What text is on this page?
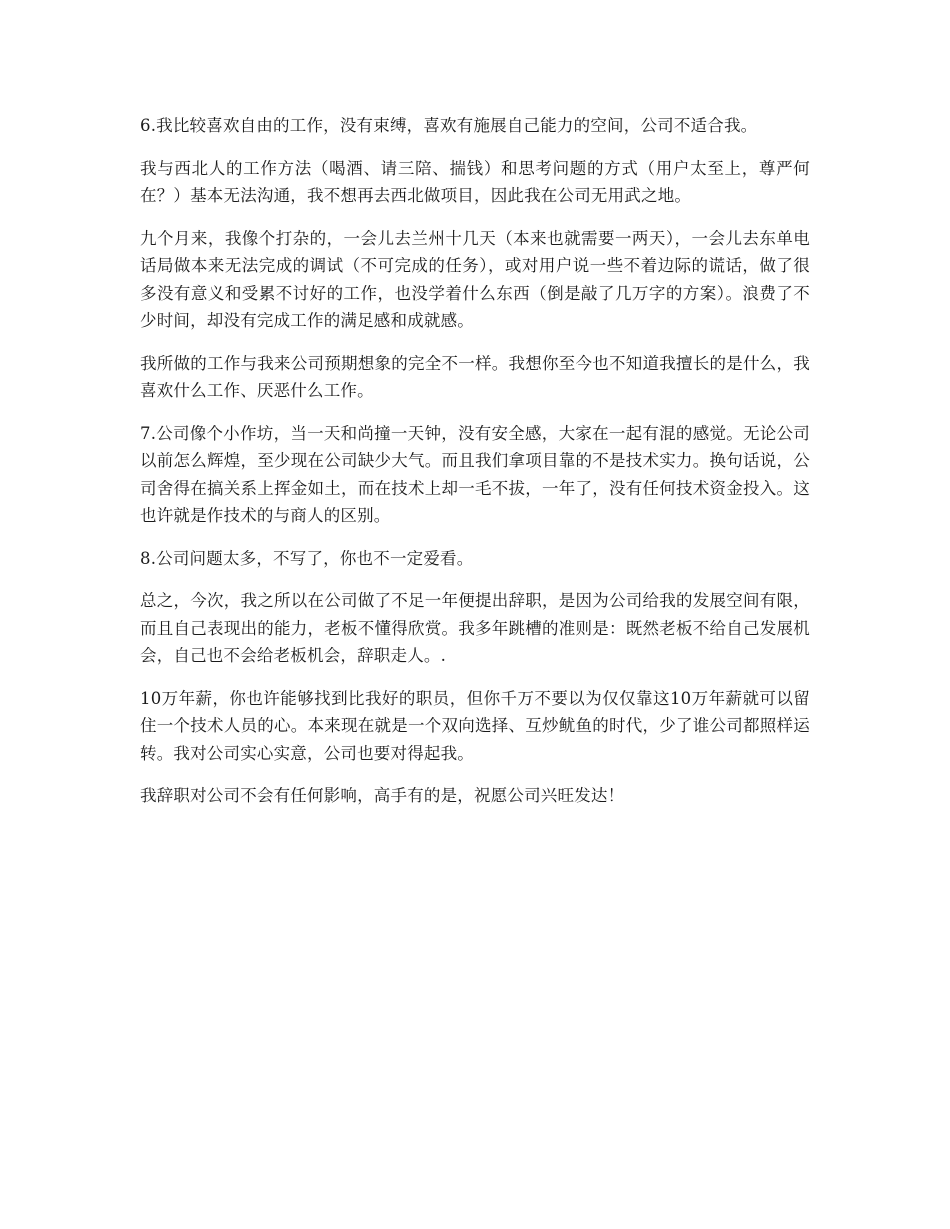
6.我比较喜欢自由的工作，没有束缚，喜欢有施展自己能力的空间，公司不适合我。

我与西北人的工作方法（喝酒、请三陪、揣钱）和思考问题的方式（用户太至上，尊严何在？）基本无法沟通，我不想再去西北做项目，因此我在公司无用武之地。

九个月来，我像个打杂的，一会儿去兰州十几天（本来也就需要一两天），一会儿去东单电话局做本来无法完成的调试（不可完成的任务），或对用户说一些不着边际的谎话，做了很多没有意义和受累不讨好的工作，也没学着什么东西（倒是敲了几万字的方案）。浪费了不少时间，却没有完成工作的满足感和成就感。

我所做的工作与我来公司预期想象的完全不一样。我想你至今也不知道我擅长的是什么，我喜欢什么工作、厌恶什么工作。

7.公司像个小作坊，当一天和尚撞一天钟，没有安全感，大家在一起有混的感觉。无论公司以前怎么辉煌，至少现在公司缺少大气。而且我们拿项目靠的不是技术实力。换句话说，公司舍得在搞关系上挥金如土，而在技术上却一毛不拔，一年了，没有任何技术资金投入。这也许就是作技术的与商人的区别。

8.公司问题太多，不写了，你也不一定爱看。

总之，今次，我之所以在公司做了不足一年便提出辞职，是因为公司给我的发展空间有限，而且自己表现出的能力，老板不懂得欣赏。我多年跳槽的准则是：既然老板不给自己发展机会，自己也不会给老板机会，辞职走人。.

10万年薪，你也许能够找到比我好的职员，但你千万不要以为仅仅靠这10万年薪就可以留住一个技术人员的心。本来现在就是一个双向选择、互炒鱿鱼的时代，少了谁公司都照样运转。我对公司实心实意，公司也要对得起我。

我辞职对公司不会有任何影响，高手有的是，祝愿公司兴旺发达！
